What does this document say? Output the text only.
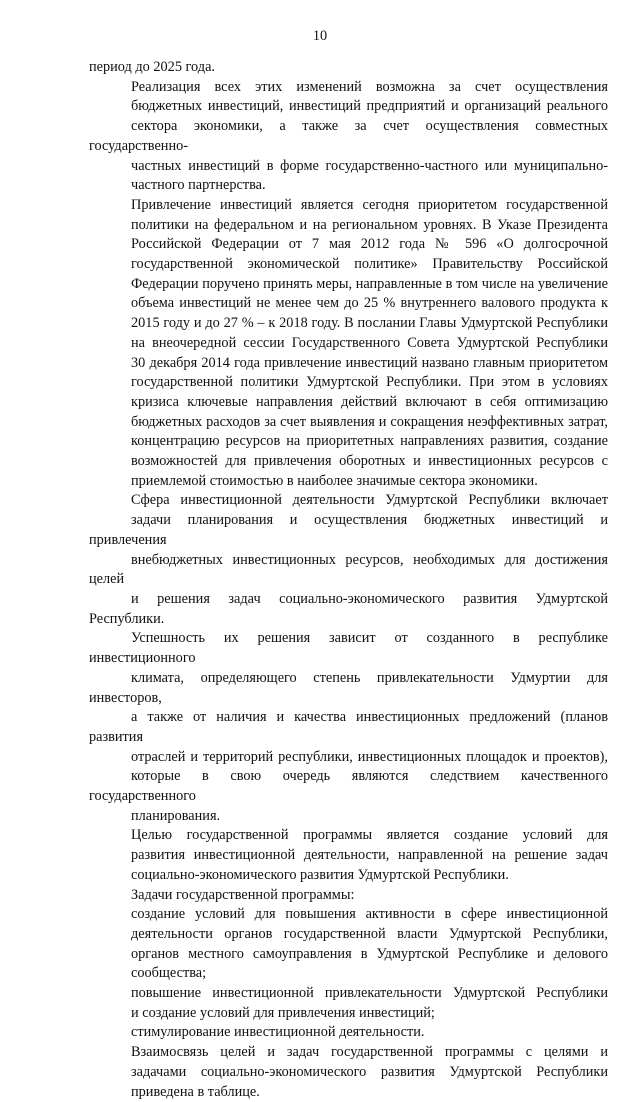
10

период до 2025 года.

Реализация всех этих изменений возможна за счет осуществления
бюджетных инвестиций, инвестиций предприятий и организаций реального
сектора экономики, а также за счет осуществления совместных государственно-
частных инвестиций в форме государственно-частного или муниципально-
частного партнерства.

Привлечение инвестиций является сегодня приоритетом государственной
политики на федеральном и на региональном уровнях. В Указе Президента
Российской Федерации от 7 мая 2012 года № 596 «О долгосрочной
государственной экономической политике» Правительству Российской
Федерации поручено принять меры, направленные в том числе на увеличение
объема инвестиций не менее чем до 25 % внутреннего валового продукта к
2015 году и до 27 % – к 2018 году. В послании Главы Удмуртской Республики
на внеочередной сессии Государственного Совета Удмуртской Республики
30 декабря 2014 года привлечение инвестиций названо главным приоритетом
государственной политики Удмуртской Республики. При этом в условиях
кризиса ключевые направления действий включают в себя оптимизацию
бюджетных расходов за счет выявления и сокращения неэффективных затрат,
концентрацию ресурсов на приоритетных направлениях развития, создание
возможностей для привлечения оборотных и инвестиционных ресурсов с
приемлемой стоимостью в наиболее значимые сектора экономики.

Сфера инвестиционной деятельности Удмуртской Республики включает
задачи планирования и осуществления бюджетных инвестиций и привлечения
внебюджетных инвестиционных ресурсов, необходимых для достижения целей
и решения задач социально-экономического развития Удмуртской Республики.
Успешность их решения зависит от созданного в республике инвестиционного
климата, определяющего степень привлекательности Удмуртии для инвесторов,
а также от наличия и качества инвестиционных предложений (планов развития
отраслей и территорий республики, инвестиционных площадок и проектов),
которые в свою очередь являются следствием качественного государственного
планирования.

Целью государственной программы является создание условий для
развития инвестиционной деятельности, направленной на решение задач
социально-экономического развития Удмуртской Республики.

Задачи государственной программы:

создание условий для повышения активности в сфере инвестиционной
деятельности органов государственной власти Удмуртской Республики,
органов местного самоуправления в Удмуртской Республике и делового
сообщества;

повышение инвестиционной привлекательности Удмуртской Республики
и создание условий для привлечения инвестиций;

стимулирование инвестиционной деятельности.

Взаимосвязь целей и задач государственной программы с целями и
задачами социально-экономического развития Удмуртской Республики
приведена в таблице.
